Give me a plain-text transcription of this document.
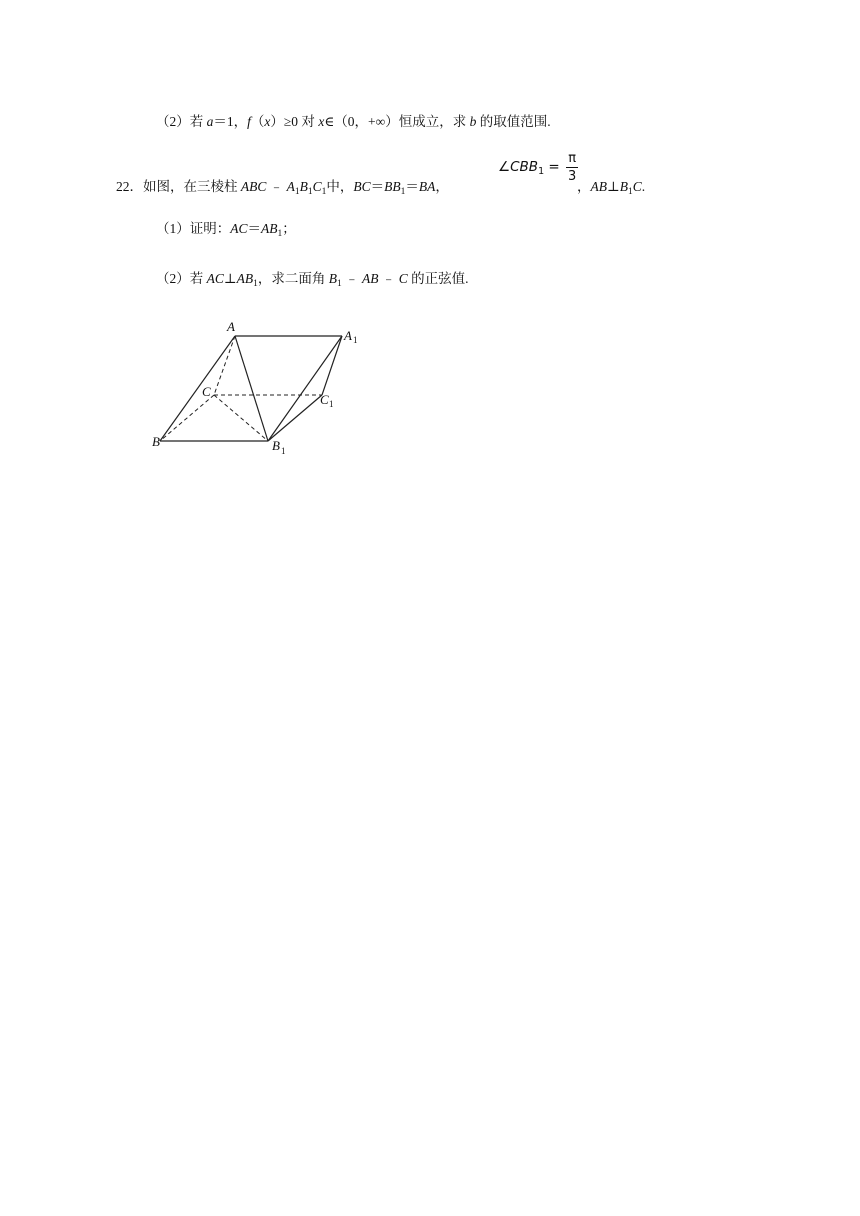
（2）若 a＝1，f（x）≥0 对 x∈（0，+∞）恒成立，求 b 的取值范围.
22．如图，在三棱柱 ABC ﹣ $A_1B_1C_1$中，$BC=BB_1=BA$，
$\angle CBB_1 = \frac{\pi}{3}$
，$AB\perp B_1C$.
（1）证明：$AC=AB_1$；
（2）若 $AC\perp AB_1$，求二面角 $B_1$ ﹣ AB ﹣ C 的正弦值.
A
A 1
C
C 1
B	B 1
